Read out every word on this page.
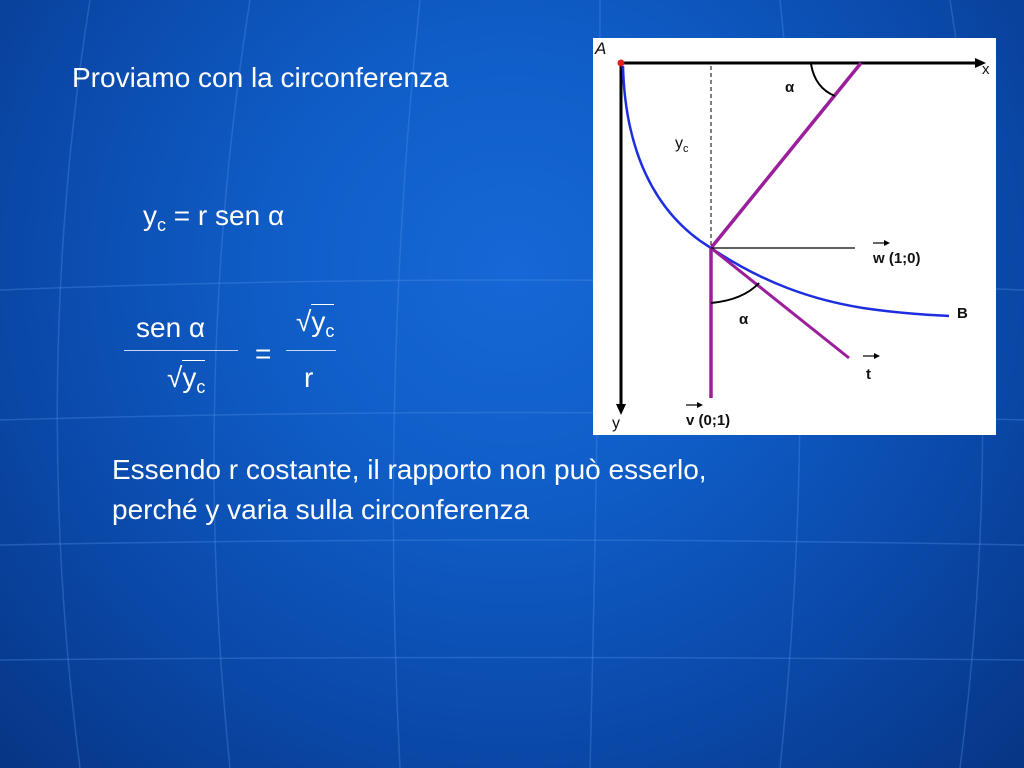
Proviamo con la circonferenza
$y_c = r$ sen α
sen α
$√y_c$
=
$√y_c$
r
Essendo r costante, il rapporto non può esserlo, perché y varia sulla circonferenza
A
x
y
B
$y_c$
α
α
w (1;0)
t
v (0;1)
